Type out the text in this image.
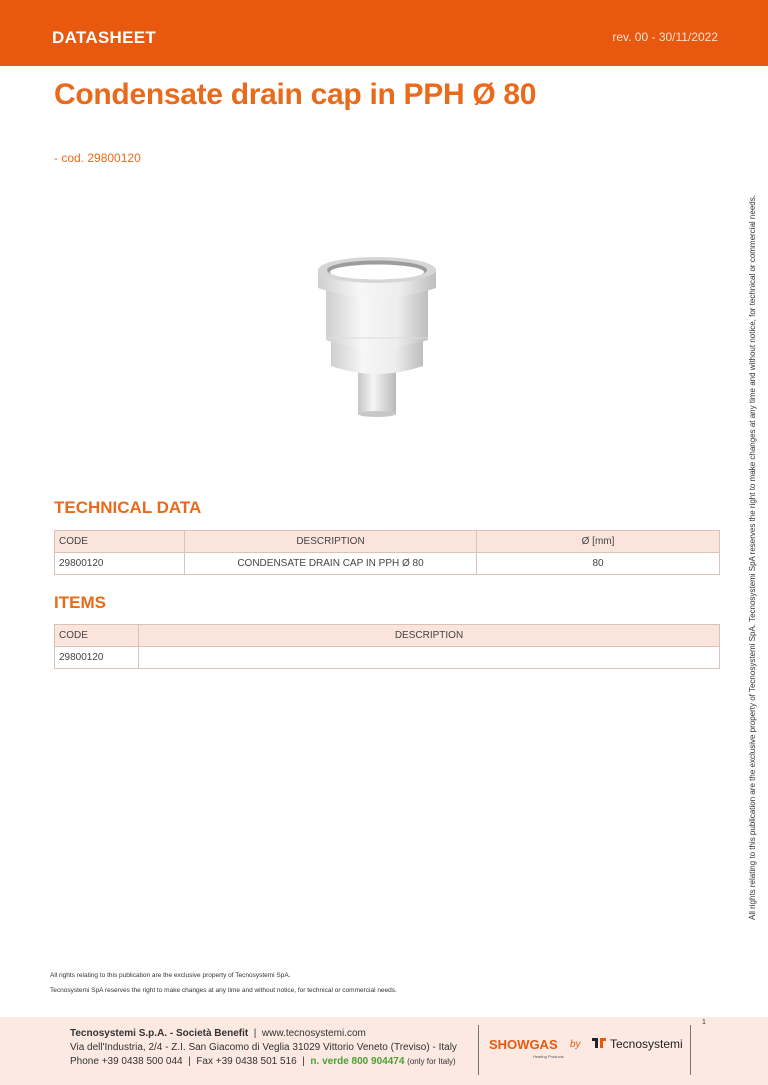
DATASHEET	rev. 00 - 30/11/2022
Condensate drain cap in PPH Ø 80
- cod. 29800120
TECHNICAL DATA
CODE	DESCRIPTION	Ø [mm]
29800120	CONDENSATE DRAIN CAP IN PPH Ø 80	80
ITEMS
CODE	DESCRIPTION
29800120		All rights relating to this publication are the exclusive property of Tecnosystemi SpA. Tecnosystemi SpA reserves the right to make changes at any time and without notice, for technical or commercial needs.
All rights relating to this publication are the exclusive property of Tecnosystemi SpA.
Tecnosystemi SpA reserves the right to make changes at any time and without notice, for technical or commercial needs.
Tecnosystemi S.p.A. - Società Benefit  |  www.tecnosystemi.com
Via dell'Industria, 2/4 - Z.I. San Giacomo di Veglia 31029 Vittorio Veneto (Treviso) - Italy
Phone +39 0438 500 044  |  Fax +39 0438 501 516  |  n. verde 800 904474 (only for Italy)
SHOWGAS
Heating Products
by	Tecnosystemi
1
